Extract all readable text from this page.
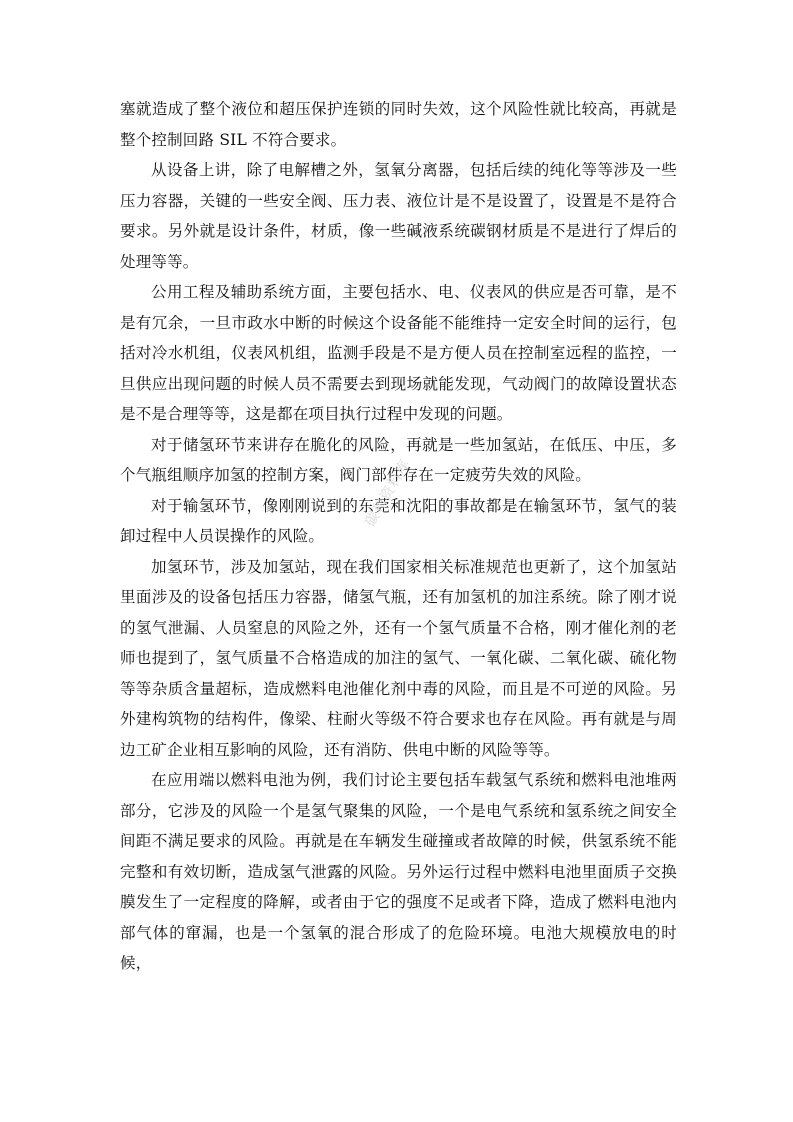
塞就造成了整个液位和超压保护连锁的同时失效，这个风险性就比较高，再就是整个控制回路 SIL 不符合要求。

从设备上讲，除了电解槽之外，氢氧分离器，包括后续的纯化等等涉及一些压力容器，关键的一些安全阀、压力表、液位计是不是设置了，设置是不是符合要求。另外就是设计条件，材质，像一些碱液系统碳钢材质是不是进行了焊后的处理等等。

公用工程及辅助系统方面，主要包括水、电、仪表风的供应是否可靠，是不是有冗余，一旦市政水中断的时候这个设备能不能维持一定安全时间的运行，包括对冷水机组，仪表风机组，监测手段是不是方便人员在控制室远程的监控，一旦供应出现问题的时候人员不需要去到现场就能发现，气动阀门的故障设置状态是不是合理等等，这是都在项目执行过程中发现的问题。

对于储氢环节来讲存在脆化的风险，再就是一些加氢站，在低压、中压，多个气瓶组顺序加氢的控制方案，阀门部件存在一定疲劳失效的风险。

对于输氢环节，像刚刚说到的东莞和沈阳的事故都是在输氢环节，氢气的装卸过程中人员误操作的风险。

加氢环节，涉及加氢站，现在我们国家相关标准规范也更新了，这个加氢站里面涉及的设备包括压力容器，储氢气瓶，还有加氢机的加注系统。除了刚才说的氢气泄漏、人员窒息的风险之外，还有一个氢气质量不合格，刚才催化剂的老师也提到了，氢气质量不合格造成的加注的氢气、一氧化碳、二氧化碳、硫化物等等杂质含量超标，造成燃料电池催化剂中毒的风险，而且是不可逆的风险。另外建构筑物的结构件，像梁、柱耐火等级不符合要求也存在风险。再有就是与周边工矿企业相互影响的风险，还有消防、供电中断的风险等等。

在应用端以燃料电池为例，我们讨论主要包括车载氢气系统和燃料电池堆两部分，它涉及的风险一个是氢气聚集的风险，一个是电气系统和氢系统之间安全间距不满足要求的风险。再就是在车辆发生碰撞或者故障的时候，供氢系统不能完整和有效切断，造成氢气泄露的风险。另外运行过程中燃料电池里面质子交换膜发生了一定程度的降解，或者由于它的强度不足或者下降，造成了燃料电池内部气体的窜漏，也是一个氢氧的混合形成了的危险环境。电池大规模放电的时候，

碳和资料库
